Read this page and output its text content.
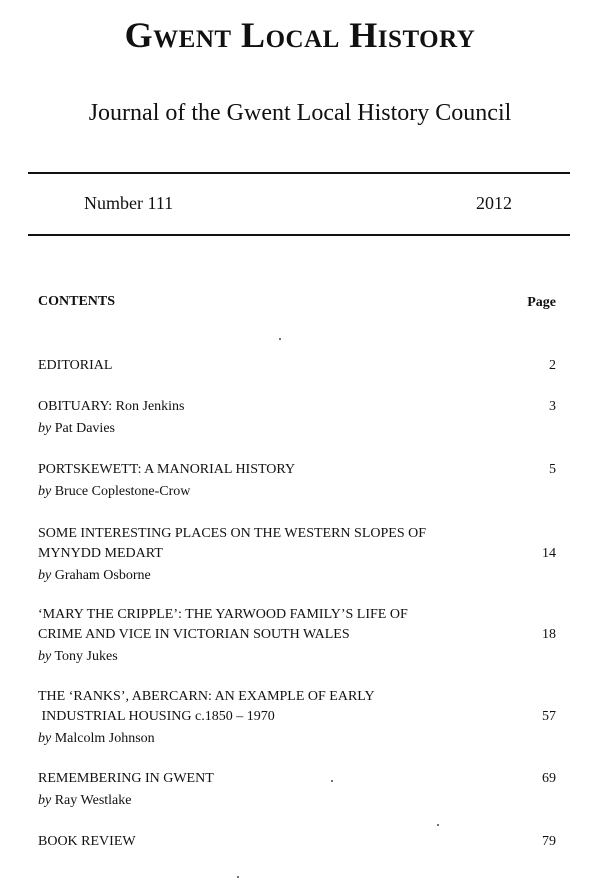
Gwent Local History
Journal of the Gwent Local History Council
Number 111	2012
CONTENTS	Page
EDITORIAL	2
OBITUARY: Ron Jenkins	3
by Pat Davies
PORTSKEWETT: A MANORIAL HISTORY	5
by Bruce Coplestone-Crow
SOME INTERESTING PLACES ON THE WESTERN SLOPES OF
MYNYDD MEDART	14
by Graham Osborne
‘MARY THE CRIPPLE’: THE YARWOOD FAMILY’S LIFE OF
CRIME AND VICE IN VICTORIAN SOUTH WALES	18
by Tony Jukes
THE ‘RANKS’, ABERCARN: AN EXAMPLE OF EARLY
INDUSTRIAL HOUSING c.1850 – 1970	57
by Malcolm Johnson
REMEMBERING IN GWENT	69
by Ray Westlake
BOOK REVIEW	79
